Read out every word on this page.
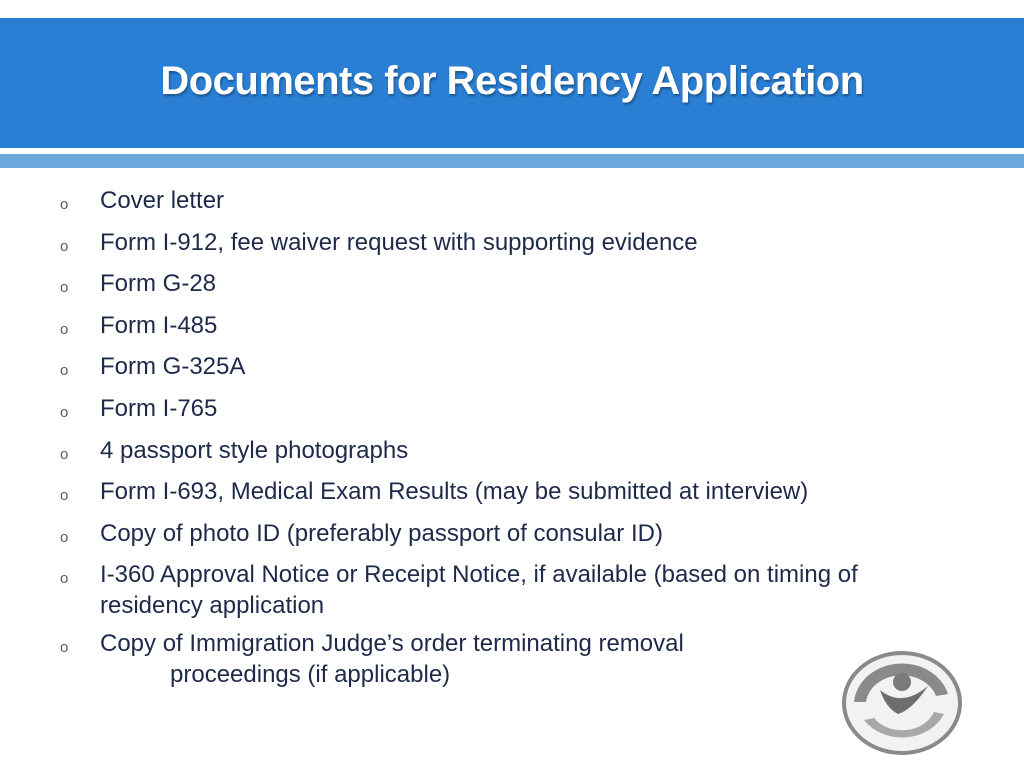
Documents for Residency Application
o	Cover letter
o	Form I-912, fee waiver request with supporting evidence
o	Form G-28
o	Form I-485
o	Form G-325A
o	Form I-765
o	4 passport style photographs
o	Form I-693, Medical Exam Results (may be submitted at interview)
o	Copy of photo ID (preferably passport of consular ID)
o	I-360 Approval Notice or Receipt Notice, if available (based on timing of residency application
o	Copy of Immigration Judge’s order terminating removal
proceedings (if applicable)
